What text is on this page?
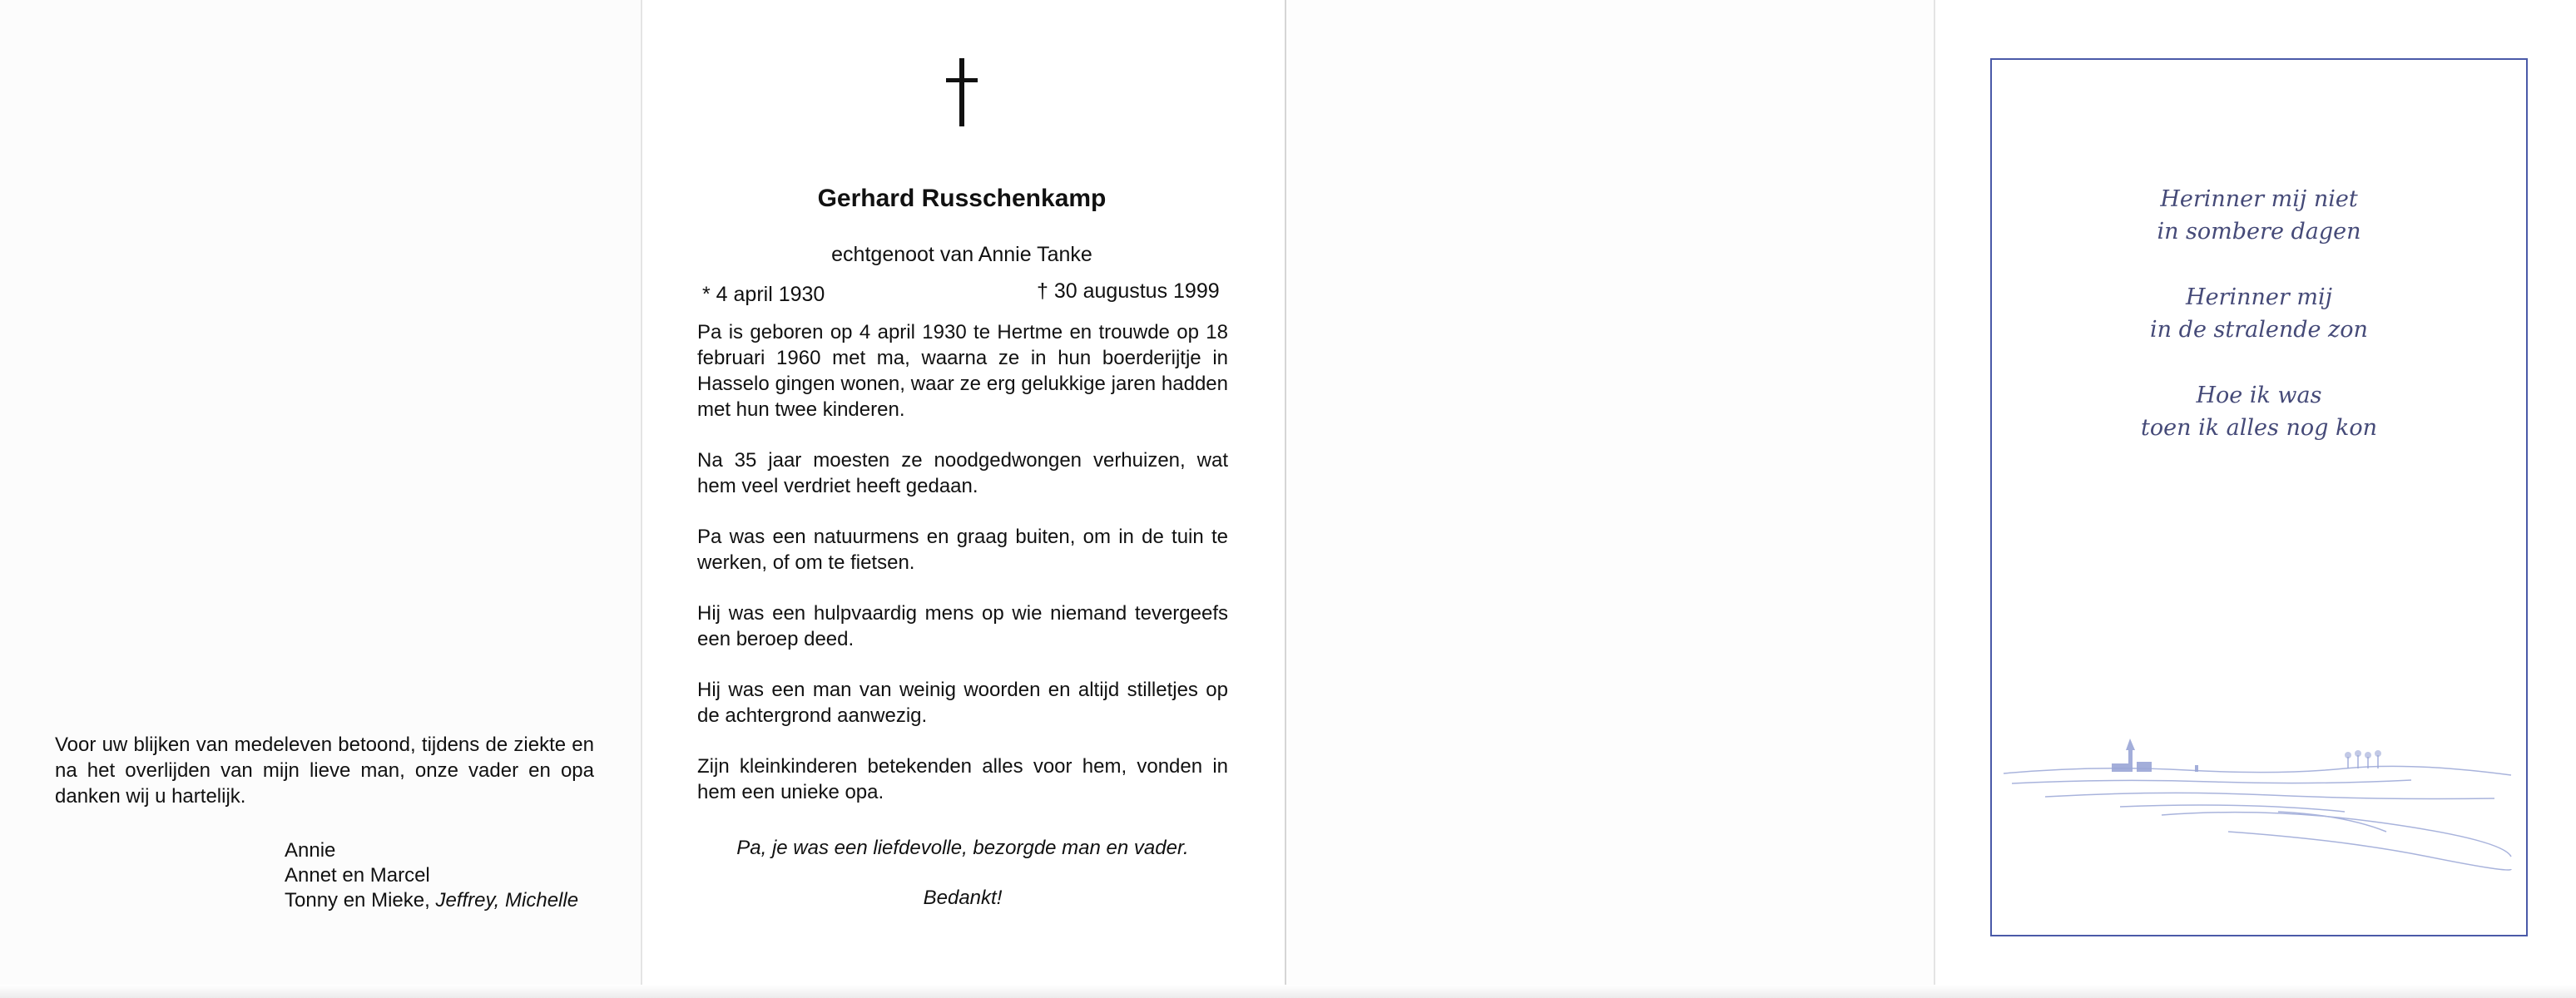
Voor uw blijken van medeleven betoond, tijdens de ziekte en na het overlijden van mijn lieve man, onze vader en opa danken wij u hartelijk.
Annie
Annet en Marcel
Tonny en Mieke, Jeffrey, Michelle
Gerhard Russchenkamp
echtgenoot van Annie Tanke
* 4 april 1930	† 30 augustus 1999

Pa is geboren op 4 april 1930 te Hertme en trouwde op 18 februari 1960 met ma, waarna ze in hun boerderijtje in Hasselo gingen wonen, waar ze erg gelukkige jaren hadden met hun twee kinderen.

Na 35 jaar moesten ze noodgedwongen verhuizen, wat hem veel verdriet heeft gedaan.

Pa was een natuurmens en graag buiten, om in de tuin te werken, of om te fietsen.

Hij was een hulpvaardig mens op wie niemand tevergeefs een beroep deed.

Hij was een man van weinig woorden en altijd stilletjes op de achtergrond aanwezig.

Zijn kleinkinderen betekenden alles voor hem, vonden in hem een unieke opa.

Pa, je was een liefdevolle, bezorgde man en vader.
Bedankt!
Herinner mij niet
in sombere dagen
Herinner mij
in de stralende zon
Hoe ik was
toen ik alles nog kon
